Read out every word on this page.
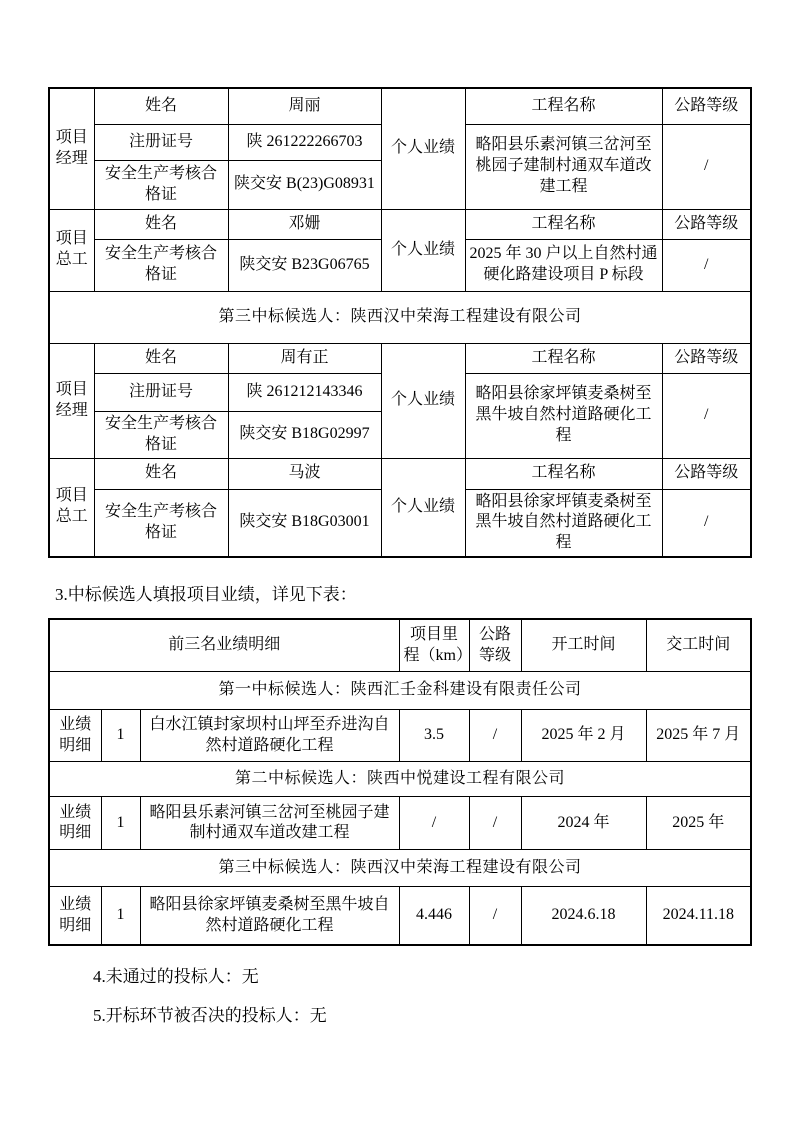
项目经理	姓名	周丽	个人业绩	工程名称	公路等级
	注册证号	陕 261222266703		略阳县乐素河镇三岔河至桃园子建制村通双车道改建工程	/
	安全生产考核合格证	陕交安 B(23)G08931			
项目总工	姓名	邓姗	个人业绩	工程名称	公路等级
	安全生产考核合格证	陕交安 B23G06765		2025 年 30 户以上自然村通硬化路建设项目 P 标段	/
第三中标候选人：陕西汉中荣海工程建设有限公司					
项目经理	姓名	周有正	个人业绩	工程名称	公路等级
	注册证号	陕 261212143346		略阳县徐家坪镇麦桑树至黑牛坡自然村道路硬化工程	/
	安全生产考核合格证	陕交安 B18G02997			
项目总工	姓名	马波	个人业绩	工程名称	公路等级
	安全生产考核合格证	陕交安 B18G03001		略阳县徐家坪镇麦桑树至黑牛坡自然村道路硬化工程	/
3.中标候选人填报项目业绩，详见下表：
前三名业绩明细			项目里程（km）	公路等级	开工时间	交工时间
第一中标候选人：陕西汇壬金科建设有限责任公司						
业绩明细	1	白水江镇封家坝村山坪至乔进沟自然村道路硬化工程	3.5	/	2025 年 2 月	2025 年 7 月
第二中标候选人：陕西中悦建设工程有限公司						
业绩明细	1	略阳县乐素河镇三岔河至桃园子建制村通双车道改建工程	/	/	2024 年	2025 年
第三中标候选人：陕西汉中荣海工程建设有限公司						
业绩明细	1	略阳县徐家坪镇麦桑树至黑牛坡自然村道路硬化工程	4.446	/	2024.6.18	2024.11.18
4.未通过的投标人：无
5.开标环节被否决的投标人：无
